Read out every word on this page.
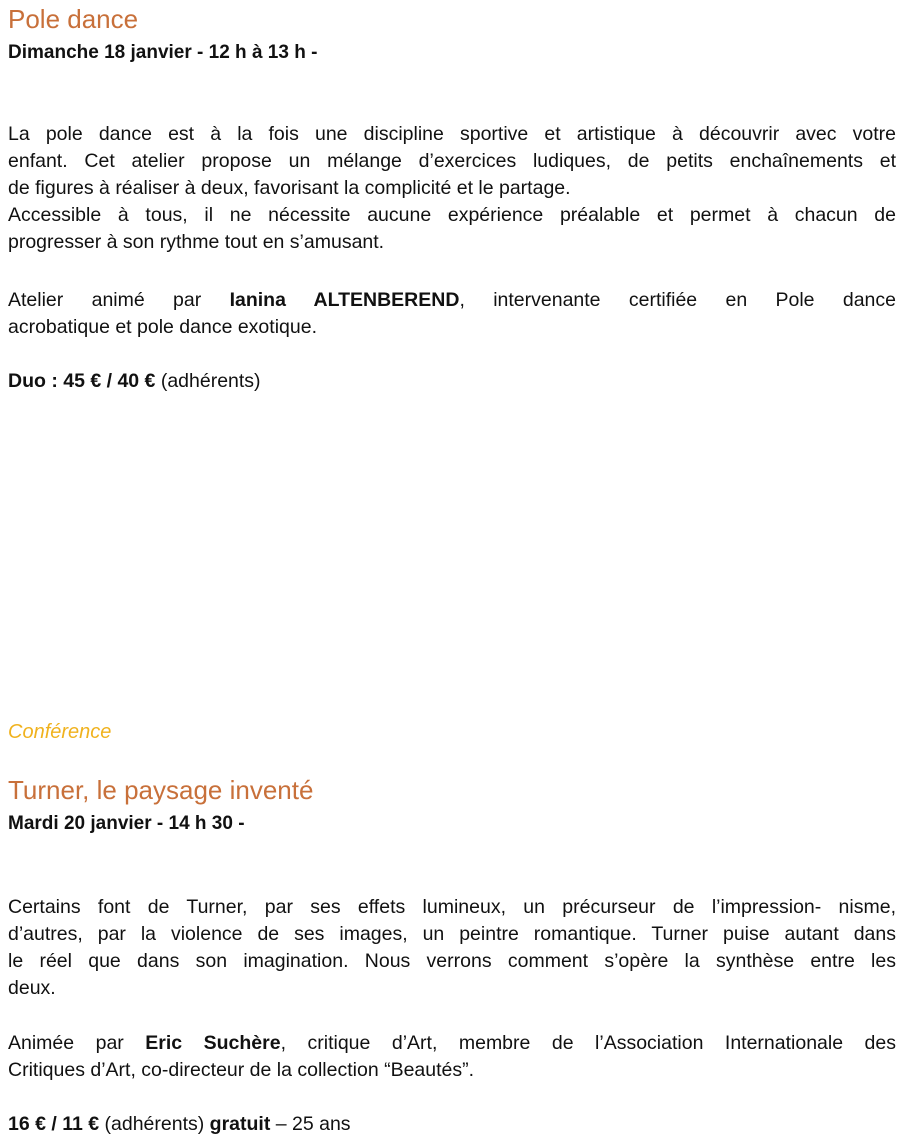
Pole dance
Dimanche 18 janvier - 12 h à 13 h -
La pole dance est à la fois une discipline sportive et artistique à découvrir avec votre
enfant. Cet atelier propose un mélange d’exercices ludiques, de petits enchaînements et
de figures à réaliser à deux, favorisant la complicité et le partage.
Accessible à tous, il ne nécessite aucune expérience préalable et permet à chacun de
progresser à son rythme tout en s’amusant.
Atelier animé par Ianina ALTENBEREND, intervenante certifiée en Pole dance
acrobatique et pole dance exotique.
Duo : 45 € / 40 € (adhérents)
Conférence
Turner, le paysage inventé
Mardi 20 janvier - 14 h 30 -
Certains font de Turner, par ses effets lumineux, un précurseur de l’impression- nisme,
d’autres, par la violence de ses images, un peintre romantique. Turner puise autant dans
le réel que dans son imagination. Nous verrons comment s’opère la synthèse entre les
deux.
Animée par Eric Suchère, critique d’Art, membre de l’Association Internationale des
Critiques d’Art, co-directeur de la collection “Beautés”.
16 € / 11 € (adhérents) gratuit – 25 ans
